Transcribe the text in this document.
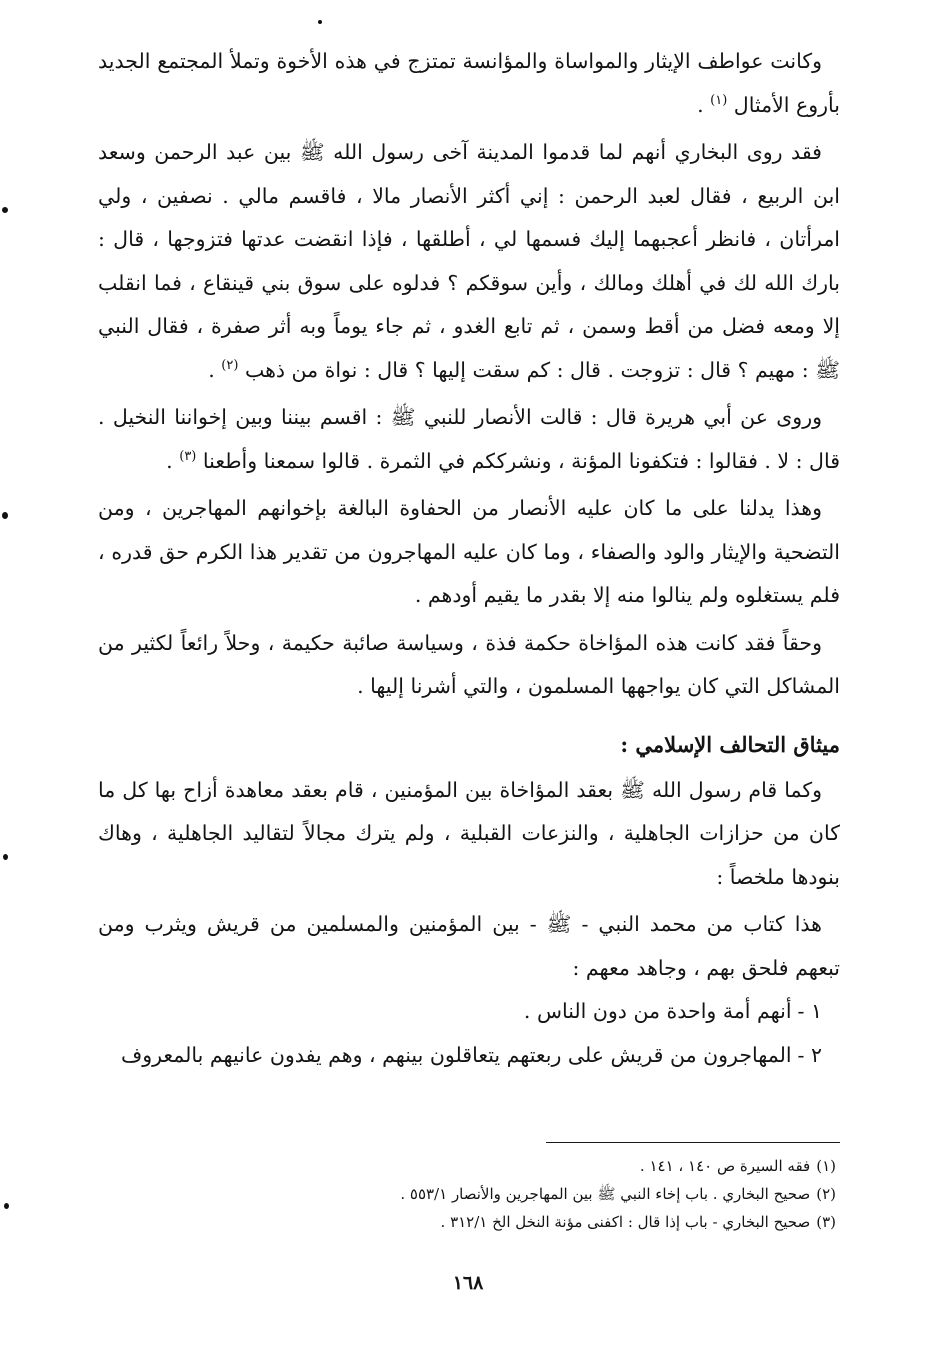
وكانت عواطف الإيثار والمواساة والمؤانسة تمتزج في هذه الأخوة وتملأ المجتمع الجديد بأروع الأمثال $^{(١)}$ .

فقد روى البخاري أنهم لما قدموا المدينة آخى رسول الله ﷺ بين عبد الرحمن وسعد ابن الربيع ، فقال لعبد الرحمن : إني أكثر الأنصار مالا ، فاقسم مالي . نصفين ، ولي امرأتان ، فانظر أعجبهما إليك فسمها لي ، أطلقها ، فإذا انقضت عدتها فتزوجها ، قال : بارك الله لك في أهلك ومالك ، وأين سوقكم ؟ فدلوه على سوق بني قينقاع ، فما انقلب إلا ومعه فضل من أقط وسمن ، ثم تابع الغدو ، ثم جاء يوماً وبه أثر صفرة ، فقال النبي ﷺ : مهيم ؟ قال : تزوجت . قال : كم سقت إليها ؟ قال : نواة من ذهب $^{(٢)}$ .

وروى عن أبي هريرة قال : قالت الأنصار للنبي ﷺ : اقسم بيننا وبين إخواننا النخيل . قال : لا . فقالوا : فتكفونا المؤنة ، ونشرككم في الثمرة . قالوا سمعنا وأطعنا $^{(٣)}$ .

وهذا يدلنا على ما كان عليه الأنصار من الحفاوة البالغة بإخوانهم المهاجرين ، ومن التضحية والإيثار والود والصفاء ، وما كان عليه المهاجرون من تقدير هذا الكرم حق قدره ، فلم يستغلوه ولم ينالوا منه إلا بقدر ما يقيم أودهم .

وحقاً فقد كانت هذه المؤاخاة حكمة فذة ، وسياسة صائبة حكيمة ، وحلاً رائعاً لكثير من المشاكل التي كان يواجهها المسلمون ، والتي أشرنا إليها .

ميثاق التحالف الإسلامي :

وكما قام رسول الله ﷺ بعقد المؤاخاة بين المؤمنين ، قام بعقد معاهدة أزاح بها كل ما كان من حزازات الجاهلية ، والنزعات القبلية ، ولم يترك مجالاً لتقاليد الجاهلية ، وهاك بنودها ملخصاً :

هذا كتاب من محمد النبي - ﷺ - بين المؤمنين والمسلمين من قريش ويثرب ومن تبعهم فلحق بهم ، وجاهد معهم :

١ -أنهم أمة واحدة من دون الناس .

٢ -المهاجرون من قريش على ربعتهم يتعاقلون بينهم ، وهم يفدون عانيهم بالمعروف

(١)فقه السيرة ص ١٤٠ ، ١٤١ .

(٢)صحيح البخاري . باب إخاء النبي ﷺ بين المهاجرين والأنصار ٥٥٣/١ .

(٣)صحيح البخاري - باب إذا قال : اكفنى مؤنة النخل الخ ٣١٢/١ .

١٦٨
